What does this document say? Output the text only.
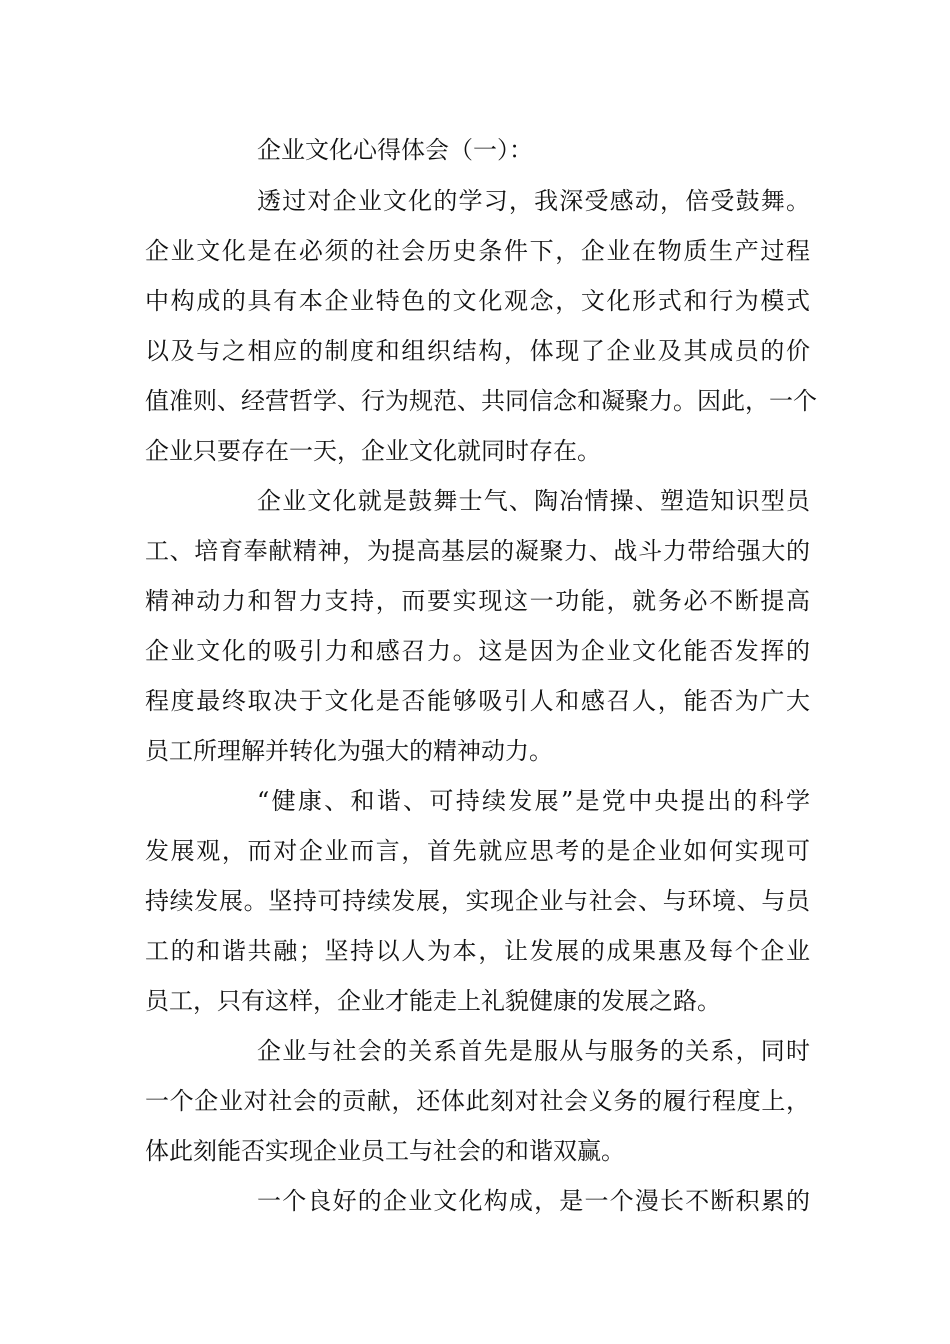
企业文化心得体会（一）：
透过对企业文化的学习，我深受感动，倍受鼓舞。
企业文化是在必须的社会历史条件下，企业在物质生产过程
中构成的具有本企业特色的文化观念，文化形式和行为模式
以及与之相应的制度和组织结构，体现了企业及其成员的价
值准则、经营哲学、行为规范、共同信念和凝聚力。因此，一个
企业只要存在一天，企业文化就同时存在。
企业文化就是鼓舞士气、陶冶情操、塑造知识型员
工、培育奉献精神，为提高基层的凝聚力、战斗力带给强大的
精神动力和智力支持，而要实现这一功能，就务必不断提高
企业文化的吸引力和感召力。这是因为企业文化能否发挥的
程度最终取决于文化是否能够吸引人和感召人，能否为广大
员工所理解并转化为强大的精神动力。
“健康、和谐、可持续发展”是党中央提出的科学
发展观，而对企业而言，首先就应思考的是企业如何实现可
持续发展。坚持可持续发展，实现企业与社会、与环境、与员
工的和谐共融；坚持以人为本，让发展的成果惠及每个企业
员工，只有这样，企业才能走上礼貌健康的发展之路。
企业与社会的关系首先是服从与服务的关系，同时
一个企业对社会的贡献，还体此刻对社会义务的履行程度上，
体此刻能否实现企业员工与社会的和谐双赢。
一个良好的企业文化构成，是一个漫长不断积累的
